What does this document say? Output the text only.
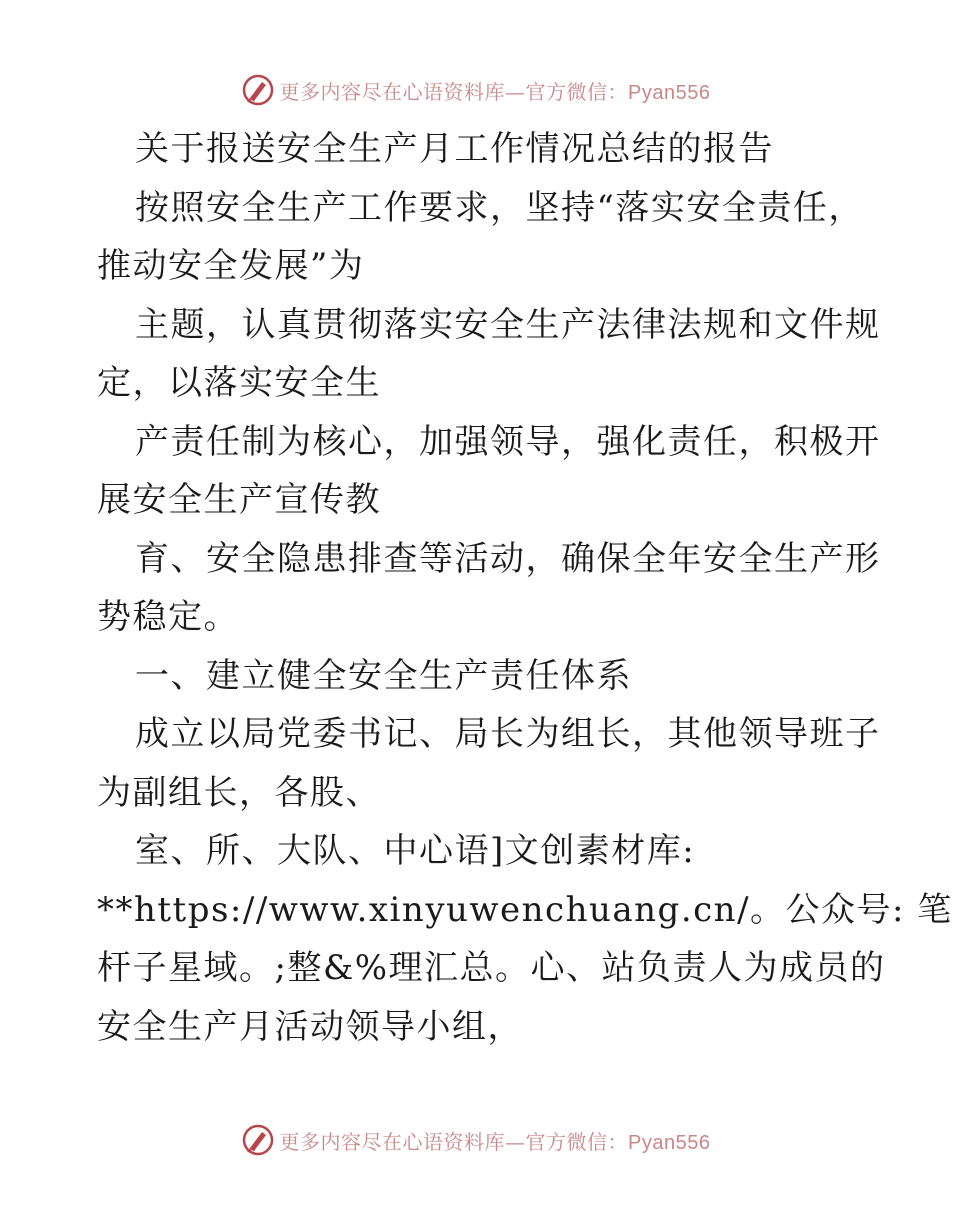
更多内容尽在心语资料库—官方微信：Pyan556
关于报送安全生产月工作情况总结的报告
按照安全生产工作要求，坚持“落实安全责任，
推动安全发展”为
主题，认真贯彻落实安全生产法律法规和文件规
定，以落实安全生
产责任制为核心，加强领导，强化责任，积极开
展安全生产宣传教
育、安全隐患排查等活动，确保全年安全生产形
势稳定。
一、建立健全安全生产责任体系
成立以局党委书记、局长为组长，其他领导班子
为副组长，各股、
室、所、大队、中心语]文创素材库:
**https://www.xinyuwenchuang.cn/。公众号: 笔
杆子星域。;整&%理汇总。心、站负责人为成员的
安全生产月活动领导小组，
更多内容尽在心语资料库—官方微信：Pyan556
